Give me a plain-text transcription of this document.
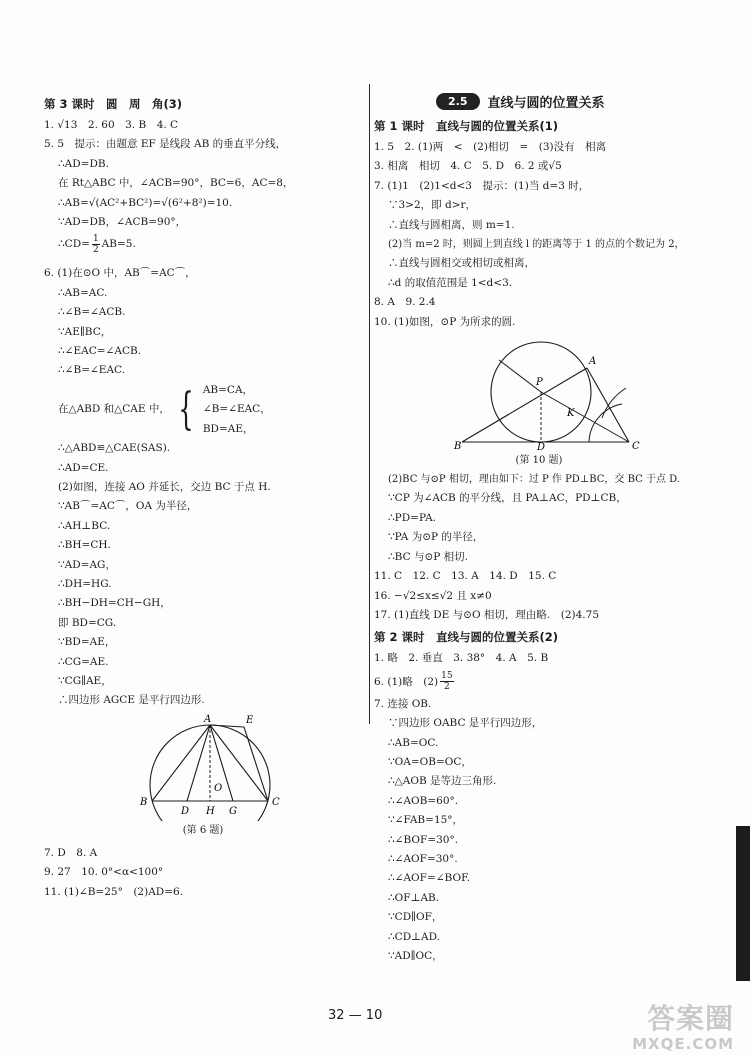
第 3 课时　圆　周　角(3)
1. √13　2. 60　3. B　4. C
5. 5　提示：由题意 EF 是线段 AB 的垂直平分线，
∴AD=DB.
在 Rt△ABC 中，∠ACB=90°，BC=6，AC=8，
∴AB=√(AC²+BC²)=√(6²+8²)=10.
∵AD=DB，∠ACB=90°，
∴CD= $\frac{1}{2} AB=5$.
6. (1)在⊙O 中，AB⌒=AC⌒，
∴AB=AC.
∴∠B=∠ACB.
∵AE∥BC，
∴∠EAC=∠ACB.
∴∠B=∠EAC.
在△ABD 和△CAE 中， { AB=CA，
∠B=∠EAC，
BD=AE，
∴△ABD≌△CAE(SAS).
∴AD=CE.
(2)如图，连接 AO 并延长，交边 BC 于点 H.
∵AB⌒=AC⌒，OA 为半径，
∴AH⊥BC.
∴BH=CH.
∵AD=AG，
∴DH=HG.
∴BH−DH=CH−GH，
即 BD=CG.
∵BD=AE，
∴CG=AE.
∵CG∥AE，
∴四边形 AGCE 是平行四边形.
A	E
B	C
D H G
O
(第 6 题)
7. D　8. A
9. 27　10. 0°<α<100°
11. (1)∠B=25°　(2)AD=6.
2.5	直线与圆的位置关系
第 1 课时　直线与圆的位置关系(1)
1. 5　2. (1)两　<　(2)相切　=　(3)没有　相离
3. 相离　相切　4. C　5. D　6. 2 或√5
7. (1)1　(2)1<d<3　提示：(1)当 d=3 时，
∵3>2，即 d>r，
∴直线与圆相离，则 m=1.
(2)当 m=2 时，则圆上到直线 l 的距离等于 1 的点的个数记为 2，
∴直线与圆相交或相切或相离，
∴d 的取值范围是 1<d<3.
8. A　9. 2.4
10. (1)如图，⊙P 为所求的圆.
A
P
K
B	D	C
(第 10 题)
(2)BC 与⊙P 相切，理由如下：过 P 作 PD⊥BC，交 BC 于点 D.
∵CP 为∠ACB 的平分线，且 PA⊥AC，PD⊥CB，
∴PD=PA.
∵PA 为⊙P 的半径，
∴BC 与⊙P 相切.
11. C　12. C　13. A　14. D　15. C
16. −√2≤x≤√2 且 x≠0
17. (1)直线 DE 与⊙O 相切，理由略.　(2)4.75
第 2 课时　直线与圆的位置关系(2)
1. 略　2. 垂直　3. 38°　4. A　5. B
6. (1)略　$(2) \frac{15}{2}$
7. 连接 OB.
∵四边形 OABC 是平行四边形，
∴AB=OC.
∵OA=OB=OC，
∴△AOB 是等边三角形.
∴∠AOB=60°.
∵∠FAB=15°，
∴∠BOF=30°.
∴∠AOF=30°.
∴∠AOF=∠BOF.
∴OF⊥AB.
∵CD∥OF，
∴CD⊥AD.
∵AD∥OC，
32 — 10	答案圈
MXQE.COM
